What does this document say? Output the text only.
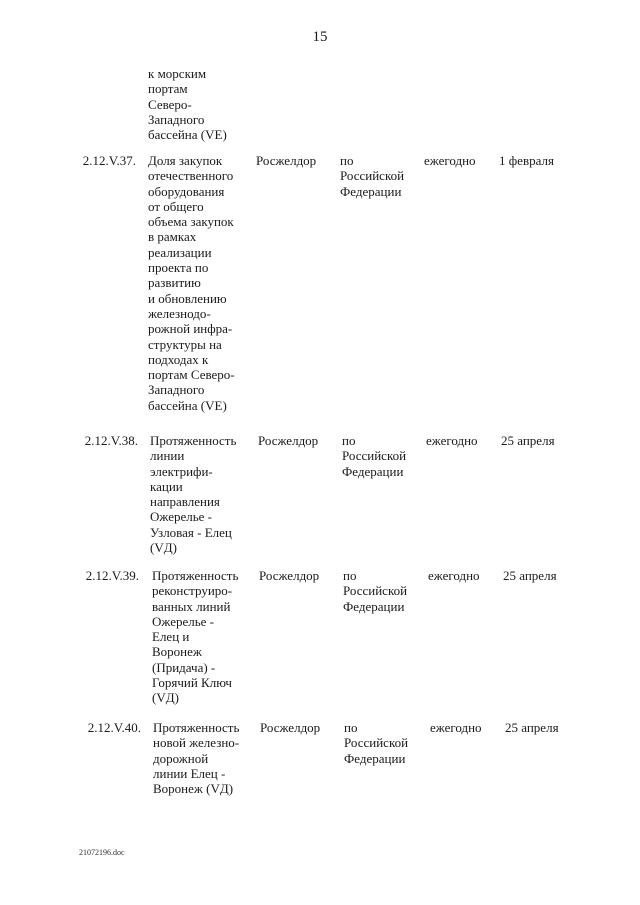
15
к морским
портам
Северо-
Западного
бассейна (VE)
2.12.V.37. Доля закупок
отечественного
оборудования
от общего
объема закупок
в рамках
реализации
проекта по
развитию
и обновлению
железнодо-
рожной инфра-
структуры на
подходах к
портам Северо-
Западного
бассейна (VE)
Росжелдор по
Российской
Федерации
ежегодно 1 февраля
2.12.V.38. Протяженность
линии
электрифи-
кации
направления
Ожерелье -
Узловая - Елец
(VД)
Росжелдор по
Российской
Федерации
ежегодно 25 апреля
2.12.V.39. Протяженность
реконструиро-
ванных линий
Ожерелье -
Елец и
Воронеж
(Придача) -
Горячий Ключ
(VД)
Росжелдор по
Российской
Федерации
ежегодно 25 апреля
2.12.V.40. Протяженность
новой железно-
дорожной
линии Елец -
Воронеж (VД)
Росжелдор по
Российской
Федерации
ежегодно 25 апреля
21072196.doc
